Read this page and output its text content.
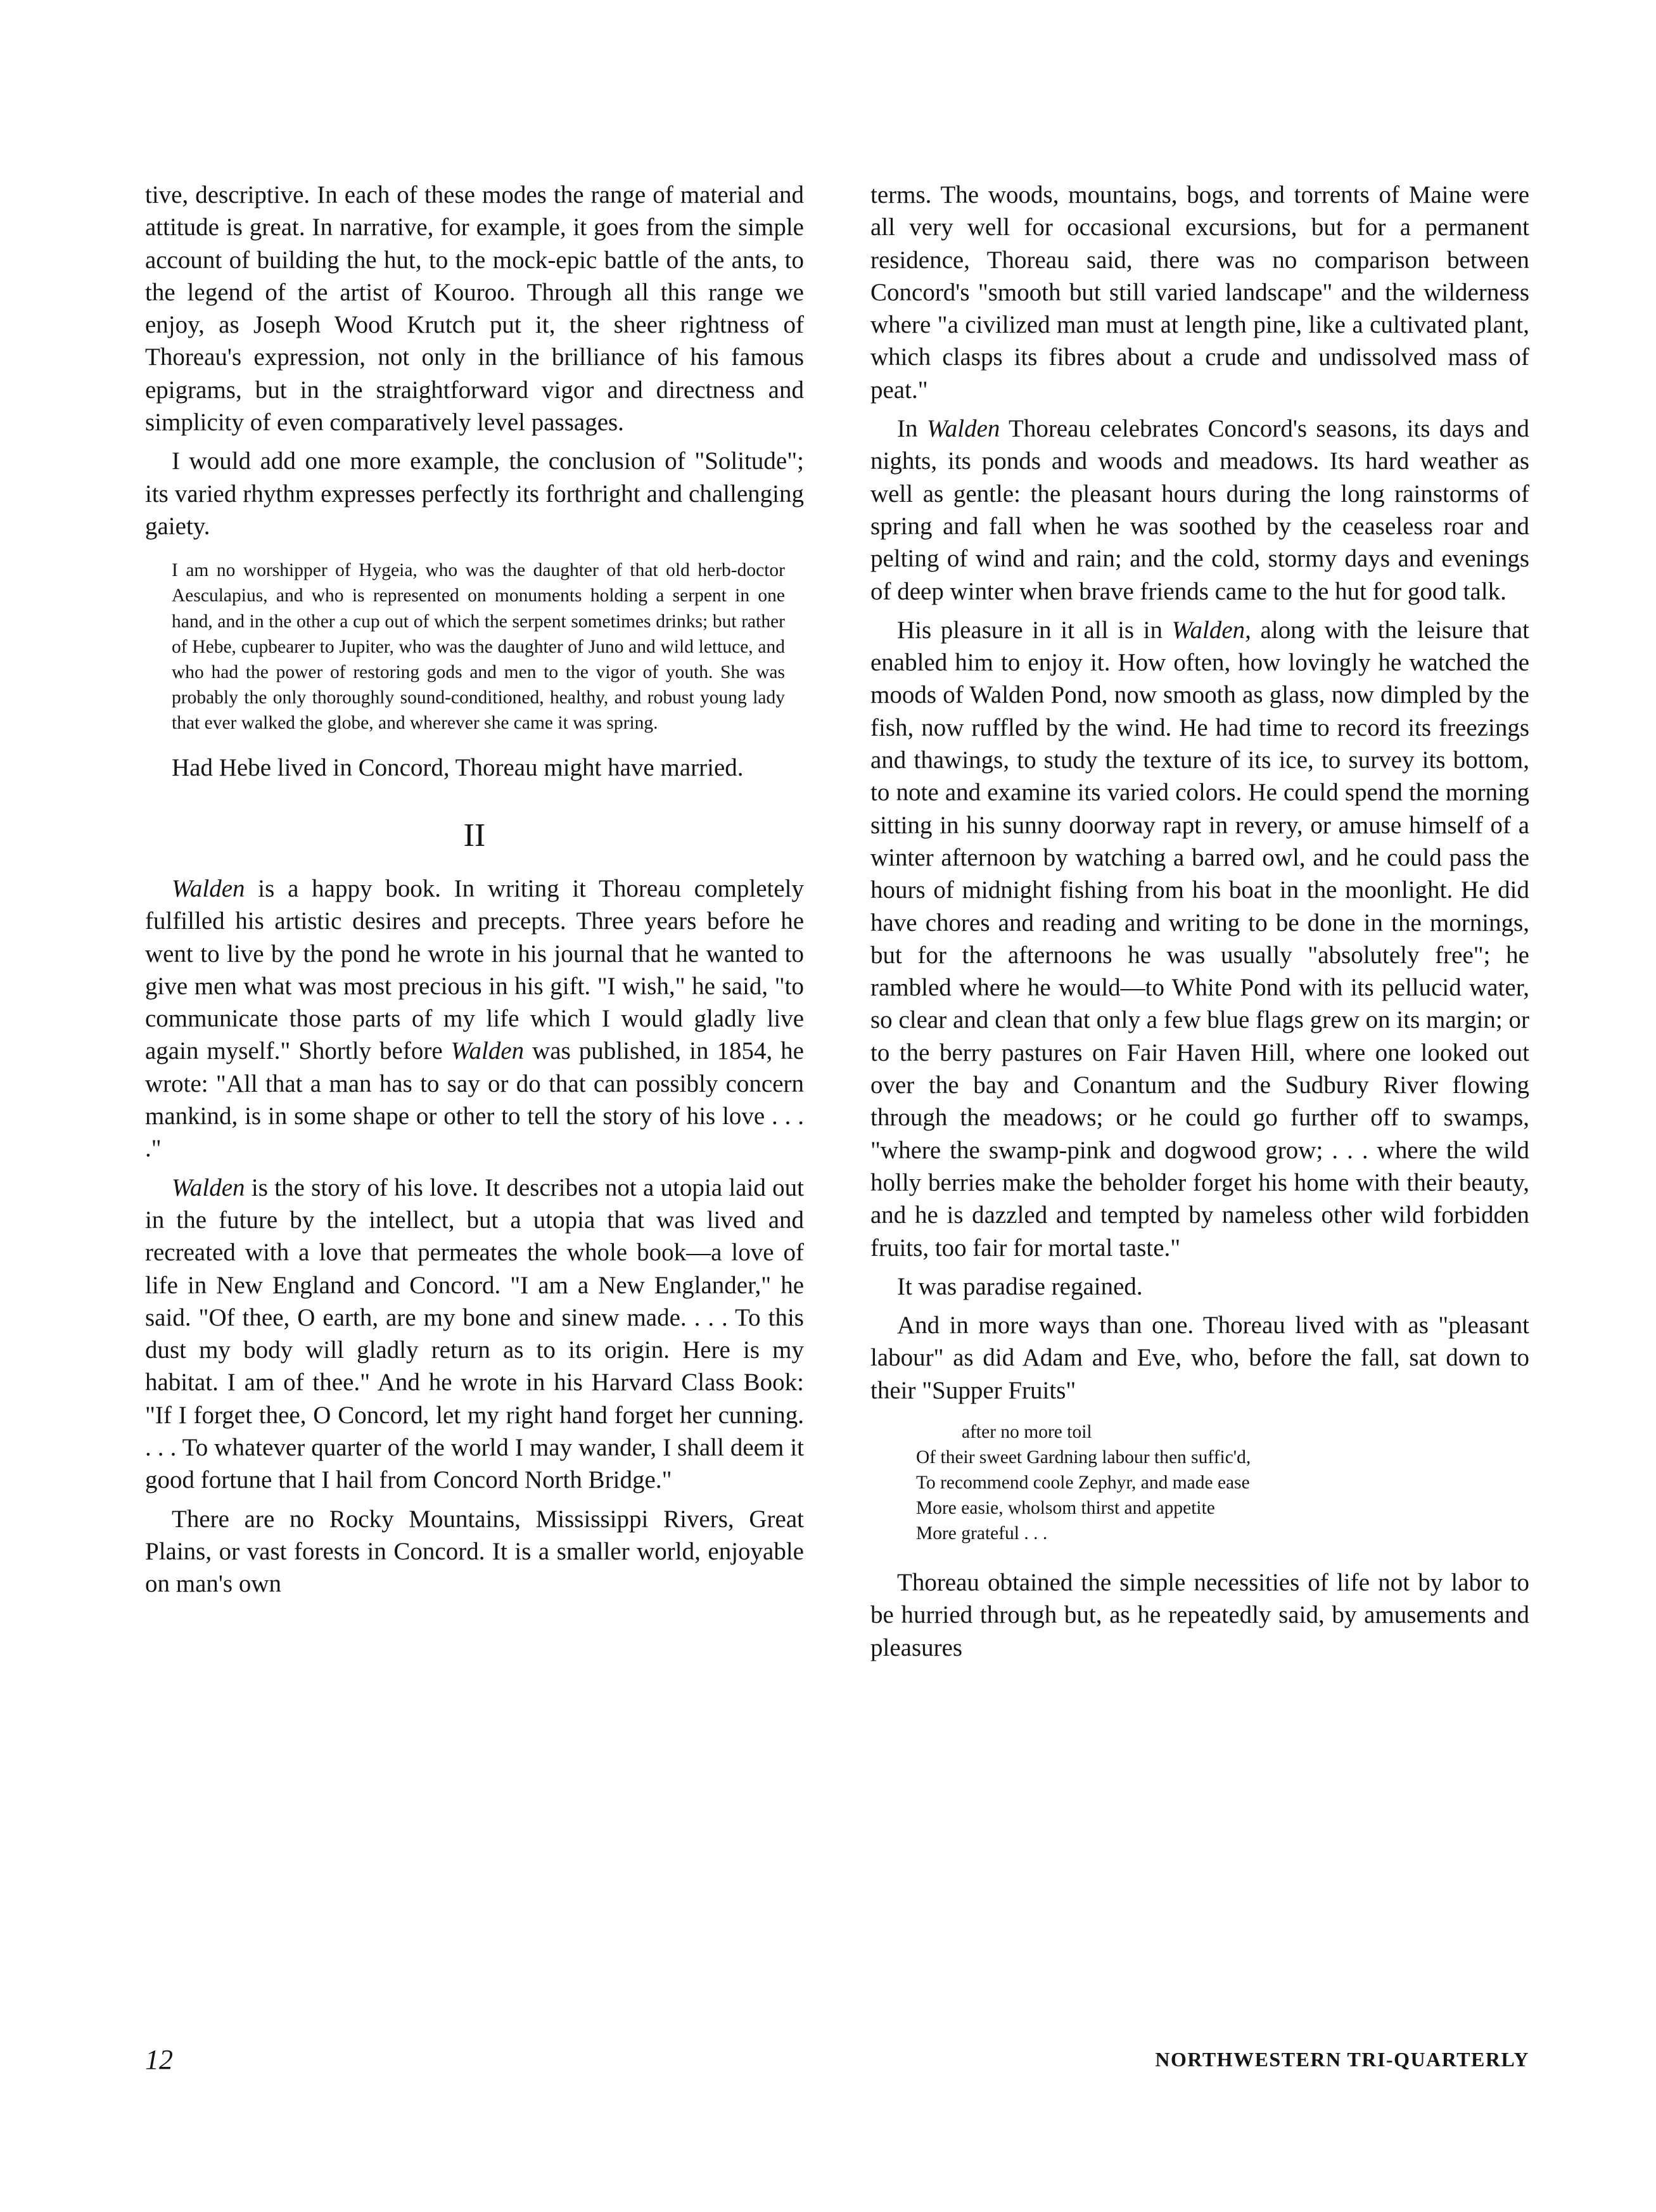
tive, descriptive. In each of these modes the range of material and attitude is great. In narrative, for example, it goes from the simple account of building the hut, to the mock-epic battle of the ants, to the legend of the artist of Kouroo. Through all this range we enjoy, as Joseph Wood Krutch put it, the sheer rightness of Thoreau's expression, not only in the brilliance of his famous epigrams, but in the straightforward vigor and directness and simplicity of even comparatively level passages.

I would add one more example, the conclusion of "Solitude"; its varied rhythm expresses perfectly its forthright and challenging gaiety.

I am no worshipper of Hygeia, who was the daughter of that old herb-doctor Aesculapius, and who is represented on monuments holding a serpent in one hand, and in the other a cup out of which the serpent sometimes drinks; but rather of Hebe, cupbearer to Jupiter, who was the daughter of Juno and wild lettuce, and who had the power of restoring gods and men to the vigor of youth. She was probably the only thoroughly sound-conditioned, healthy, and robust young lady that ever walked the globe, and wherever she came it was spring.

Had Hebe lived in Concord, Thoreau might have married.

II

Walden is a happy book. In writing it Thoreau completely fulfilled his artistic desires and precepts. Three years before he went to live by the pond he wrote in his journal that he wanted to give men what was most precious in his gift. "I wish," he said, "to communicate those parts of my life which I would gladly live again myself." Shortly before Walden was published, in 1854, he wrote: "All that a man has to say or do that can possibly concern mankind, is in some shape or other to tell the story of his love . . . ."

Walden is the story of his love. It describes not a utopia laid out in the future by the intellect, but a utopia that was lived and recreated with a love that permeates the whole book—a love of life in New England and Concord. "I am a New Englander," he said. "Of thee, O earth, are my bone and sinew made. . . . To this dust my body will gladly return as to its origin. Here is my habitat. I am of thee." And he wrote in his Harvard Class Book: "If I forget thee, O Concord, let my right hand forget her cunning. . . . To whatever quarter of the world I may wander, I shall deem it good fortune that I hail from Concord North Bridge."

There are no Rocky Mountains, Mississippi Rivers, Great Plains, or vast forests in Concord. It is a smaller world, enjoyable on man's own

terms. The woods, mountains, bogs, and torrents of Maine were all very well for occasional excursions, but for a permanent residence, Thoreau said, there was no comparison between Concord's "smooth but still varied landscape" and the wilderness where "a civilized man must at length pine, like a cultivated plant, which clasps its fibres about a crude and undissolved mass of peat."

In Walden Thoreau celebrates Concord's seasons, its days and nights, its ponds and woods and meadows. Its hard weather as well as gentle: the pleasant hours during the long rainstorms of spring and fall when he was soothed by the ceaseless roar and pelting of wind and rain; and the cold, stormy days and evenings of deep winter when brave friends came to the hut for good talk.

His pleasure in it all is in Walden, along with the leisure that enabled him to enjoy it. How often, how lovingly he watched the moods of Walden Pond, now smooth as glass, now dimpled by the fish, now ruffled by the wind. He had time to record its freezings and thawings, to study the texture of its ice, to survey its bottom, to note and examine its varied colors. He could spend the morning sitting in his sunny doorway rapt in revery, or amuse himself of a winter afternoon by watching a barred owl, and he could pass the hours of midnight fishing from his boat in the moonlight. He did have chores and reading and writing to be done in the mornings, but for the afternoons he was usually "absolutely free"; he rambled where he would—to White Pond with its pellucid water, so clear and clean that only a few blue flags grew on its margin; or to the berry pastures on Fair Haven Hill, where one looked out over the bay and Conantum and the Sudbury River flowing through the meadows; or he could go further off to swamps, "where the swamp-pink and dogwood grow; . . . where the wild holly berries make the beholder forget his home with their beauty, and he is dazzled and tempted by nameless other wild forbidden fruits, too fair for mortal taste."

It was paradise regained.

And in more ways than one. Thoreau lived with as "pleasant labour" as did Adam and Eve, who, before the fall, sat down to their "Supper Fruits"

after no more toil
Of their sweet Gardning labour then suffic'd,
To recommend coole Zephyr, and made ease
More easie, wholsom thirst and appetite
More grateful . . .

Thoreau obtained the simple necessities of life not by labor to be hurried through but, as he repeatedly said, by amusements and pleasures

12	NORTHWESTERN TRI-QUARTERLY
